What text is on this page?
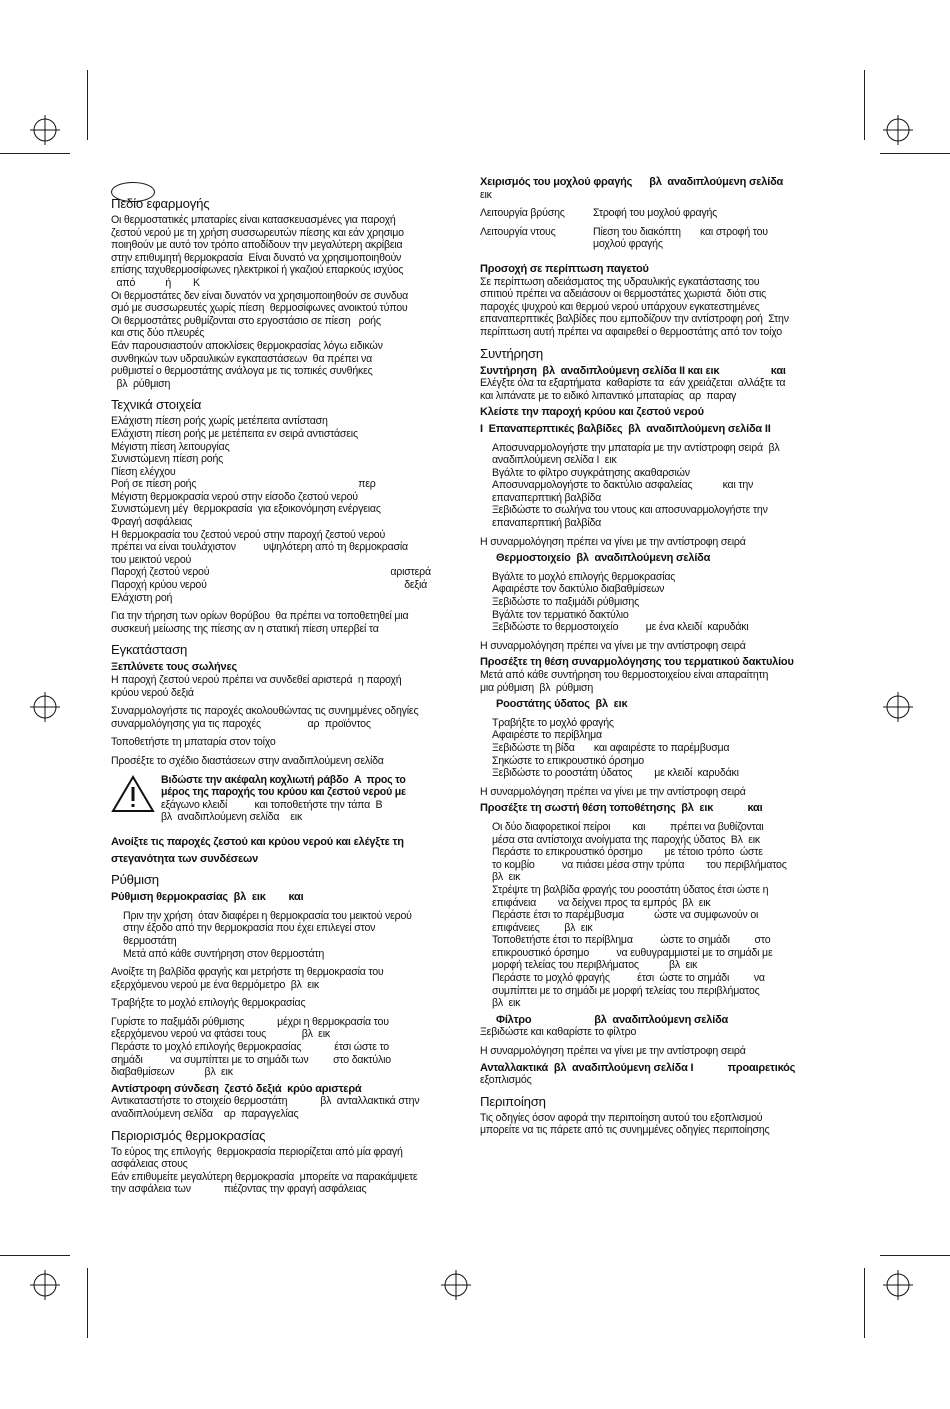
Πεδίο εφαρμογής
Οι θερμοστατικές μπαταρίες είναι κατασκευασμένες για παροχή
ζεστού νερού με τη χρήση συσσωρευτών πίεσης και εάν χρησιμο
ποιηθούν με αυτό τον τρόπο αποδίδουν την μεγαλύτερη ακρίβεια
στην επιθυμητή θερμοκρασία  Είναι δυνατό να χρησιμοποιηθούν
επίσης ταχυθερμοσίφωνες ηλεκτρικοί ή γκαζιού επαρκούς ισχύος
από           ή        K
Οι θερμοστάτες δεν είναι δυνατόν να χρησιμοποιηθούν σε συνδυα
σμό με συσσωρευτές χωρίς πίεση  θερμοσίφωνες ανοικτού τύπου
Οι θερμοστάτες ρυθμίζονται στο εργοστάσιο σε πίεση   ροής
και στις δύο πλευρές
Εάν παρουσιαστούν αποκλίσεις θερμοκρασίας λόγω ειδικών
συνθηκών των υδραυλικών εγκαταστάσεων  θα πρέπει να
ρυθμιστεί ο θερμοστάτης ανάλογα με τις τοπικές συνθήκες
βλ  ρύθμιση
Τεχνικά στοιχεία
Ελάχιστη πίεση ροής χωρίς μετέπειτα αντίσταση
Ελάχιστη πίεση ροής με μετέπειτα εν σειρά αντιστάσεις
Μέγιστη πίεση λειτουργίας
Συνιστώμενη πίεση ροής
Πίεση ελέγχου
Ροή σε πίεση ροής                                                           περ
Μέγιστη θερμοκρασία νερού στην είσοδο ζεστού νερού
Συνιστώμενη μέγ  θερμοκρασία  για εξοικονόμηση ενέργειας
Φραγή ασφάλειας
Η θερμοκρασία του ζεστού νερού στην παροχή ζεστού νερού
πρέπει να είναι τουλάχιστον          υψηλότερη από τη θερμοκρασία
του μεικτού νερού
Παροχή ζεστού νερού                                                                  αριστερά
Παροχή κρύου νερού                                                                        δεξιά
Ελάχιστη ροή
Για την τήρηση των ορίων θορύβου  θα πρέπει να τοποθετηθεί μια
συσκευή μείωσης της πίεσης αν η στατική πίεση υπερβεί τα
Εγκατάσταση
Ξεπλύνετε τους σωλήνες
Η παροχή ζεστού νερού πρέπει να συνδεθεί αριστερά  η παροχή
κρύου νερού δεξιά
Συναρμολογήστε τις παροχές ακολουθώντας τις συνημμένες οδηγίες
συναρμολόγησης για τις παροχές                 αρ  προϊόντος
Τοποθετήστε τη μπαταρία στον τοίχο
Προσέξτε το σχέδιο διαστάσεων στην αναδιπλούμενη σελίδα
Βιδώστε την ακέφαλη κοχλιωτή ράβδο  A  προς το
μέρος της παροχής του κρύου και ζεστού νερού με
εξάγωνο κλειδί          και τοποθετήστε την τάπα  B
βλ  αναδιπλούμενη σελίδα    εικ
Ανοίξτε τις παροχές ζεστού και κρύου νερού και ελέγξτε τη
στεγανότητα των συνδέσεων
Ρύθμιση
Ρύθμιση θερμοκρασίας  βλ  εικ        και
Πριν την χρήση  όταν διαφέρει η θερμοκρασία του μεικτού νερού
στην έξοδο από την θερμοκρασία που έχει επιλεγεί στον
θερμοστάτη
Μετά από κάθε συντήρηση στον θερμοστάτη
Ανοίξτε τη βαλβίδα φραγής και μετρήστε τη θερμοκρασία του
εξερχόμενου νερού με ένα θερμόμετρο  βλ  εικ
Τραβήξτε το μοχλό επιλογής θερμοκρασίας
Γυρίστε το παξιμάδι ρύθμισης            μέχρι η θερμοκρασία του
εξερχόμενου νερού να φτάσει τους             βλ  εικ
Περάστε το μοχλό επιλογής θερμοκρασίας            έτσι ώστε το
σημάδι          να συμπίπτει με το σημάδι των         στο δακτύλιο
διαβαθμίσεων           βλ  εικ
Αντίστροφη σύνδεση  ζεστό δεξιά  κρύο αριστερά
Αντικαταστήστε το στοιχείο θερμοστάτη            βλ  ανταλλακτικά στην
αναδιπλούμενη σελίδα    αρ  παραγγελίας
Περιορισμός θερμοκρασίας
Το εύρος της επιλογής  θερμοκρασία περιορίζεται από μία φραγή
ασφάλειας στους
Εάν επιθυμείτε μεγαλύτερη θερμοκρασία  μπορείτε να παρακάμψετε
την ασφάλεια των            πιέζοντας την φραγή ασφάλειας
Χειρισμός του μοχλού φραγής      βλ  αναδιπλούμενη σελίδα
εικ
Λειτουργία βρύσης	Στροφή του μοχλού φραγής
Λειτουργία ντους	Πίεση του διακόπτη       και στροφή του
μοχλού φραγής
Προσοχή σε περίπτωση παγετού
Σε περίπτωση αδειάσματος της υδραυλικής εγκατάστασης του
σπιτιού πρέπει να αδειάσουν οι θερμοστάτες χωριστά  διότι στις
παροχές ψυχρού και θερμού νερού υπάρχουν εγκατεστημένες
επαναπερπτικές βαλβίδες που εμποδίζουν την αντίστροφη ροή  Στην
περίπτωση αυτή πρέπει να αφαιρεθεί ο θερμοστάτης από τον τοίχο
Συντήρηση
Συντήρηση  βλ  αναδιπλούμενη σελίδα II και εικ                  και
Ελέγξτε όλα τα εξαρτήματα  καθαρίστε τα  εάν χρειάζεται  αλλάξτε τα
και λιπάνατε με το ειδικό λιπαντικό μπαταρίας  αρ  παραγ
Κλείστε την παροχή κρύου και ζεστού νερού
I  Επαναπερπτικές βαλβίδες  βλ  αναδιπλούμενη σελίδα II
Αποσυναρμολογήστε την μπαταρία με την αντίστροφη σειρά  βλ
αναδιπλούμενη σελίδα I  εικ
Βγάλτε το φίλτρο συγκράτησης ακαθαρσιών
Αποσυναρμολογήστε το δακτύλιο ασφαλείας           και την
επαναπερπτική βαλβίδα
Ξεβιδώστε το σωλήνα του ντους και αποσυναρμολογήστε την
επαναπερπτική βαλβίδα
Η συναρμολόγηση πρέπει να γίνει με την αντίστροφη σειρά
Θερμοστοιχείο  βλ  αναδιπλούμενη σελίδα
Βγάλτε το μοχλό επιλογής θερμοκρασίας
Αφαιρέστε τον δακτύλιο διαβαθμίσεων
Ξεβιδώστε το παξιμάδι ρύθμισης
Βγάλτε τον τερματικό δακτύλιο
Ξεβιδώστε το θερμοστοιχείο          με ένα κλειδί  καρυδάκι
Η συναρμολόγηση πρέπει να γίνει με την αντίστροφη σειρά
Προσέξτε τη θέση συναρμολόγησης του τερματικού δακτυλίου
Μετά από κάθε συντήρηση του θερμοστοιχείου είναι απαραίτητη
μια ρύθμιση  βλ  ρύθμιση
Ροοστάτης ύδατος  βλ  εικ
Τραβήξτε το μοχλό φραγής
Αφαιρέστε το περίβλημα
Ξεβιδώστε τη βίδα       και αφαιρέστε το παρέμβυσμα
Σηκώστε το επικρουστικό όρσημο
Ξεβιδώστε το ροοστάτη ύδατος        με κλειδί  καρυδάκι
Η συναρμολόγηση πρέπει να γίνει με την αντίστροφη σειρά
Προσέξτε τη σωστή θέση τοποθέτησης  βλ  εικ            και
Οι δύο διαφορετικοί πείροι        και         πρέπει να βυθίζονται
μέσα στα αντίστοιχα ανοίγματα της παροχής ύδατος  Βλ  εικ
Περάστε το επικρουστικό όρσημο        με τέτοιο τρόπο  ώστε
το κομβίο          να πιάσει μέσα στην τρύπα        του περιβλήματος
βλ  εικ
Στρέψτε τη βαλβίδα φραγής του ροοστάτη ύδατος έτσι ώστε η
επιφάνεια        να δείχνει προς τα εμπρός  βλ  εικ
Περάστε έτσι το παρέμβυσμα           ώστε να συμφωνούν οι
επιφάνειες         βλ  εικ
Τοποθετήστε έτσι το περίβλημα          ώστε το σημάδι         στο
επικρουστικό όρσημο          να ευθυγραμμιστεί με το σημάδι με
μορφή τελείας του περιβλήματος           βλ  εικ
Περάστε το μοχλό φραγής          έτσι  ώστε το σημάδι         να
συμπίπτει με το σημάδι με μορφή τελείας του περιβλήματος
βλ  εικ
Φίλτρο                      βλ  αναδιπλούμενη σελίδα
Ξεβιδώστε και καθαρίστε το φίλτρο
Η συναρμολόγηση πρέπει να γίνει με την αντίστροφη σειρά
Ανταλλακτικά  βλ  αναδιπλούμενη σελίδα I            προαιρετικός
εξοπλισμός
Περιποίηση
Τις οδηγίες όσον αφορά την περιποίηση αυτού του εξοπλισμού
μπορείτε να τις πάρετε από τις συνημμένες οδηγίες περιποίησης
